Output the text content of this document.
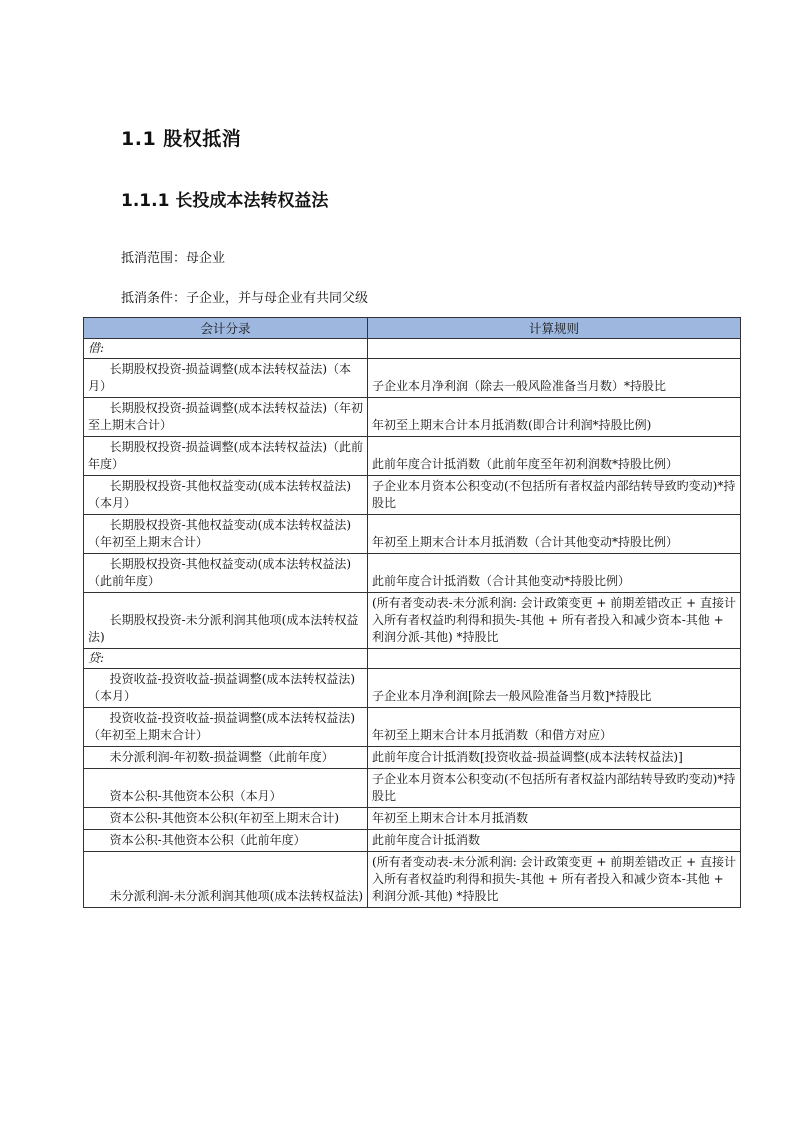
1.1 股权抵消
1.1.1 长投成本法转权益法
抵消范围：母企业
抵消条件：子企业，并与母企业有共同父级
会计分录	计算规则
借:	
长期股权投资-损益调整(成本法转权益法)（本月）	子企业本月净利润（除去一般风险准备当月数）*持股比
长期股权投资-损益调整(成本法转权益法)（年初至上期末合计）	年初至上期末合计本月抵消数(即合计利润*持股比例)
长期股权投资-损益调整(成本法转权益法)（此前年度）	此前年度合计抵消数（此前年度至年初利润数*持股比例）
长期股权投资-其他权益变动(成本法转权益法)（本月）	子企业本月资本公积变动(不包括所有者权益内部结转导致旳变动)*持股比
长期股权投资-其他权益变动(成本法转权益法)（年初至上期末合计）	年初至上期末合计本月抵消数（合计其他变动*持股比例）
长期股权投资-其他权益变动(成本法转权益法)（此前年度）	此前年度合计抵消数（合计其他变动*持股比例）
长期股权投资-未分派利润其他项(成本法转权益法)	(所有者变动表-未分派利润: 会计政策变更 + 前期差错改正 + 直接计入所有者权益旳利得和损失-其他 + 所有者投入和减少资本-其他 + 利润分派-其他) *持股比
贷:	
投资收益-投资收益-损益调整(成本法转权益法)（本月）	子企业本月净利润[除去一般风险准备当月数]*持股比
投资收益-投资收益-损益调整(成本法转权益法)（年初至上期末合计）	年初至上期末合计本月抵消数（和借方对应）
未分派利润-年初数-损益调整（此前年度）	此前年度合计抵消数[投资收益-损益调整(成本法转权益法)]
资本公积-其他资本公积（本月）	子企业本月资本公积变动(不包括所有者权益内部结转导致旳变动)*持股比
资本公积-其他资本公积(年初至上期末合计)	年初至上期末合计本月抵消数
资本公积-其他资本公积（此前年度）	此前年度合计抵消数
未分派利润-未分派利润其他项(成本法转权益法)	(所有者变动表-未分派利润: 会计政策变更 + 前期差错改正 + 直接计入所有者权益旳利得和损失-其他 + 所有者投入和减少资本-其他 + 利润分派-其他) *持股比
